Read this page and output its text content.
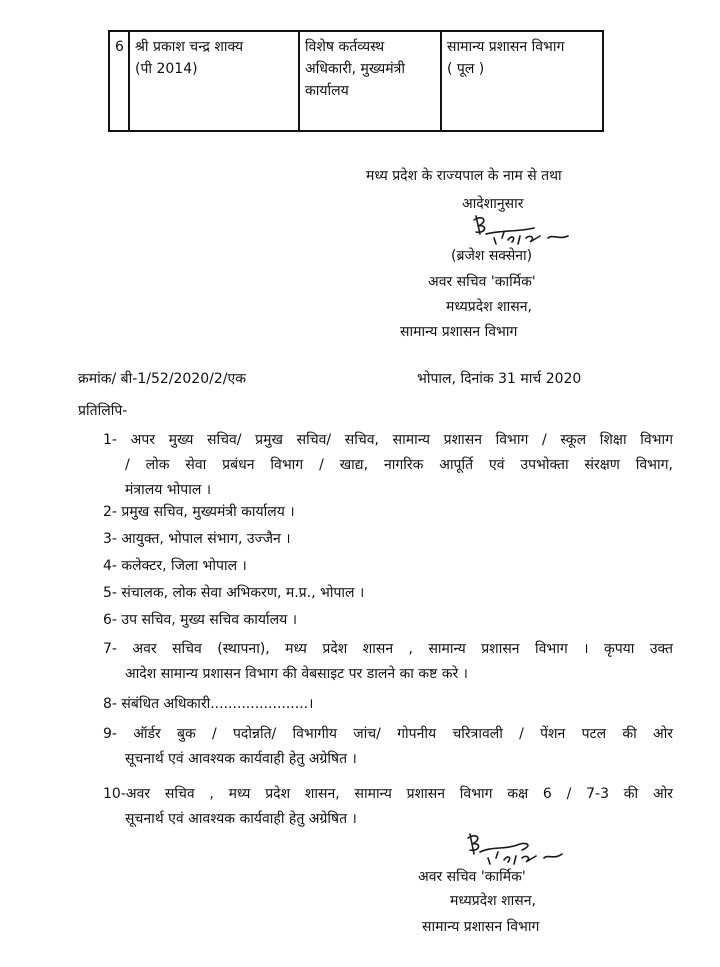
6	श्री प्रकाश चन्द्र शाक्य
(पी 2014)

विशेष कर्तव्यस्थ
अधिकारी, मुख्यमंत्री
कार्यालय

सामान्य प्रशासन विभाग
( पूल )
मध्य प्रदेश के राज्यपाल के नाम से तथा
आदेशानुसार
(ब्रजेश सक्सेना)
अवर सचिव 'कार्मिक'
मध्यप्रदेश शासन,
सामान्य प्रशासन विभाग
क्रमांक/ बी-1/52/2020/2/एक	भोपाल, दिनांक 31 मार्च 2020
प्रतिलिपि-
1- अपर मुख्य सचिव/ प्रमुख सचिव/ सचिव, सामान्य प्रशासन विभाग / स्कूल शिक्षा विभाग
/ लोक सेवा प्रबंधन विभाग / खाद्य, नागरिक आपूर्ति एवं उपभोक्ता संरक्षण विभाग,
मंत्रालय भोपाल ।
2- प्रमुख सचिव, मुख्यमंत्री कार्यालय ।
3- आयुक्त, भोपाल संभाग, उज्जैन ।
4- कलेक्टर, जिला भोपाल ।
5- संचालक, लोक सेवा अभिकरण, म.प्र., भोपाल ।
6- उप सचिव, मुख्य सचिव कार्यालय ।
7- अवर सचिव (स्थापना), मध्य प्रदेश शासन , सामान्य प्रशासन विभाग । कृपया उक्त
आदेश सामान्य प्रशासन विभाग की वेबसाइट पर डालने का कष्ट करे ।
8- संबंधित अधिकारी......................।
9- ऑर्डर बुक / पदोन्नति/ विभागीय जांच/ गोपनीय चरित्रावली / पेंशन पटल की ओर
सूचनार्थ एवं आवश्यक कार्यवाही हेतु अग्रेषित ।
10-अवर सचिव , मध्य प्रदेश शासन, सामान्य प्रशासन विभाग कक्ष 6 / 7-3 की ओर
सूचनार्थ एवं आवश्यक कार्यवाही हेतु अग्रेषित ।
अवर सचिव 'कार्मिक'
मध्यप्रदेश शासन,
सामान्य प्रशासन विभाग
